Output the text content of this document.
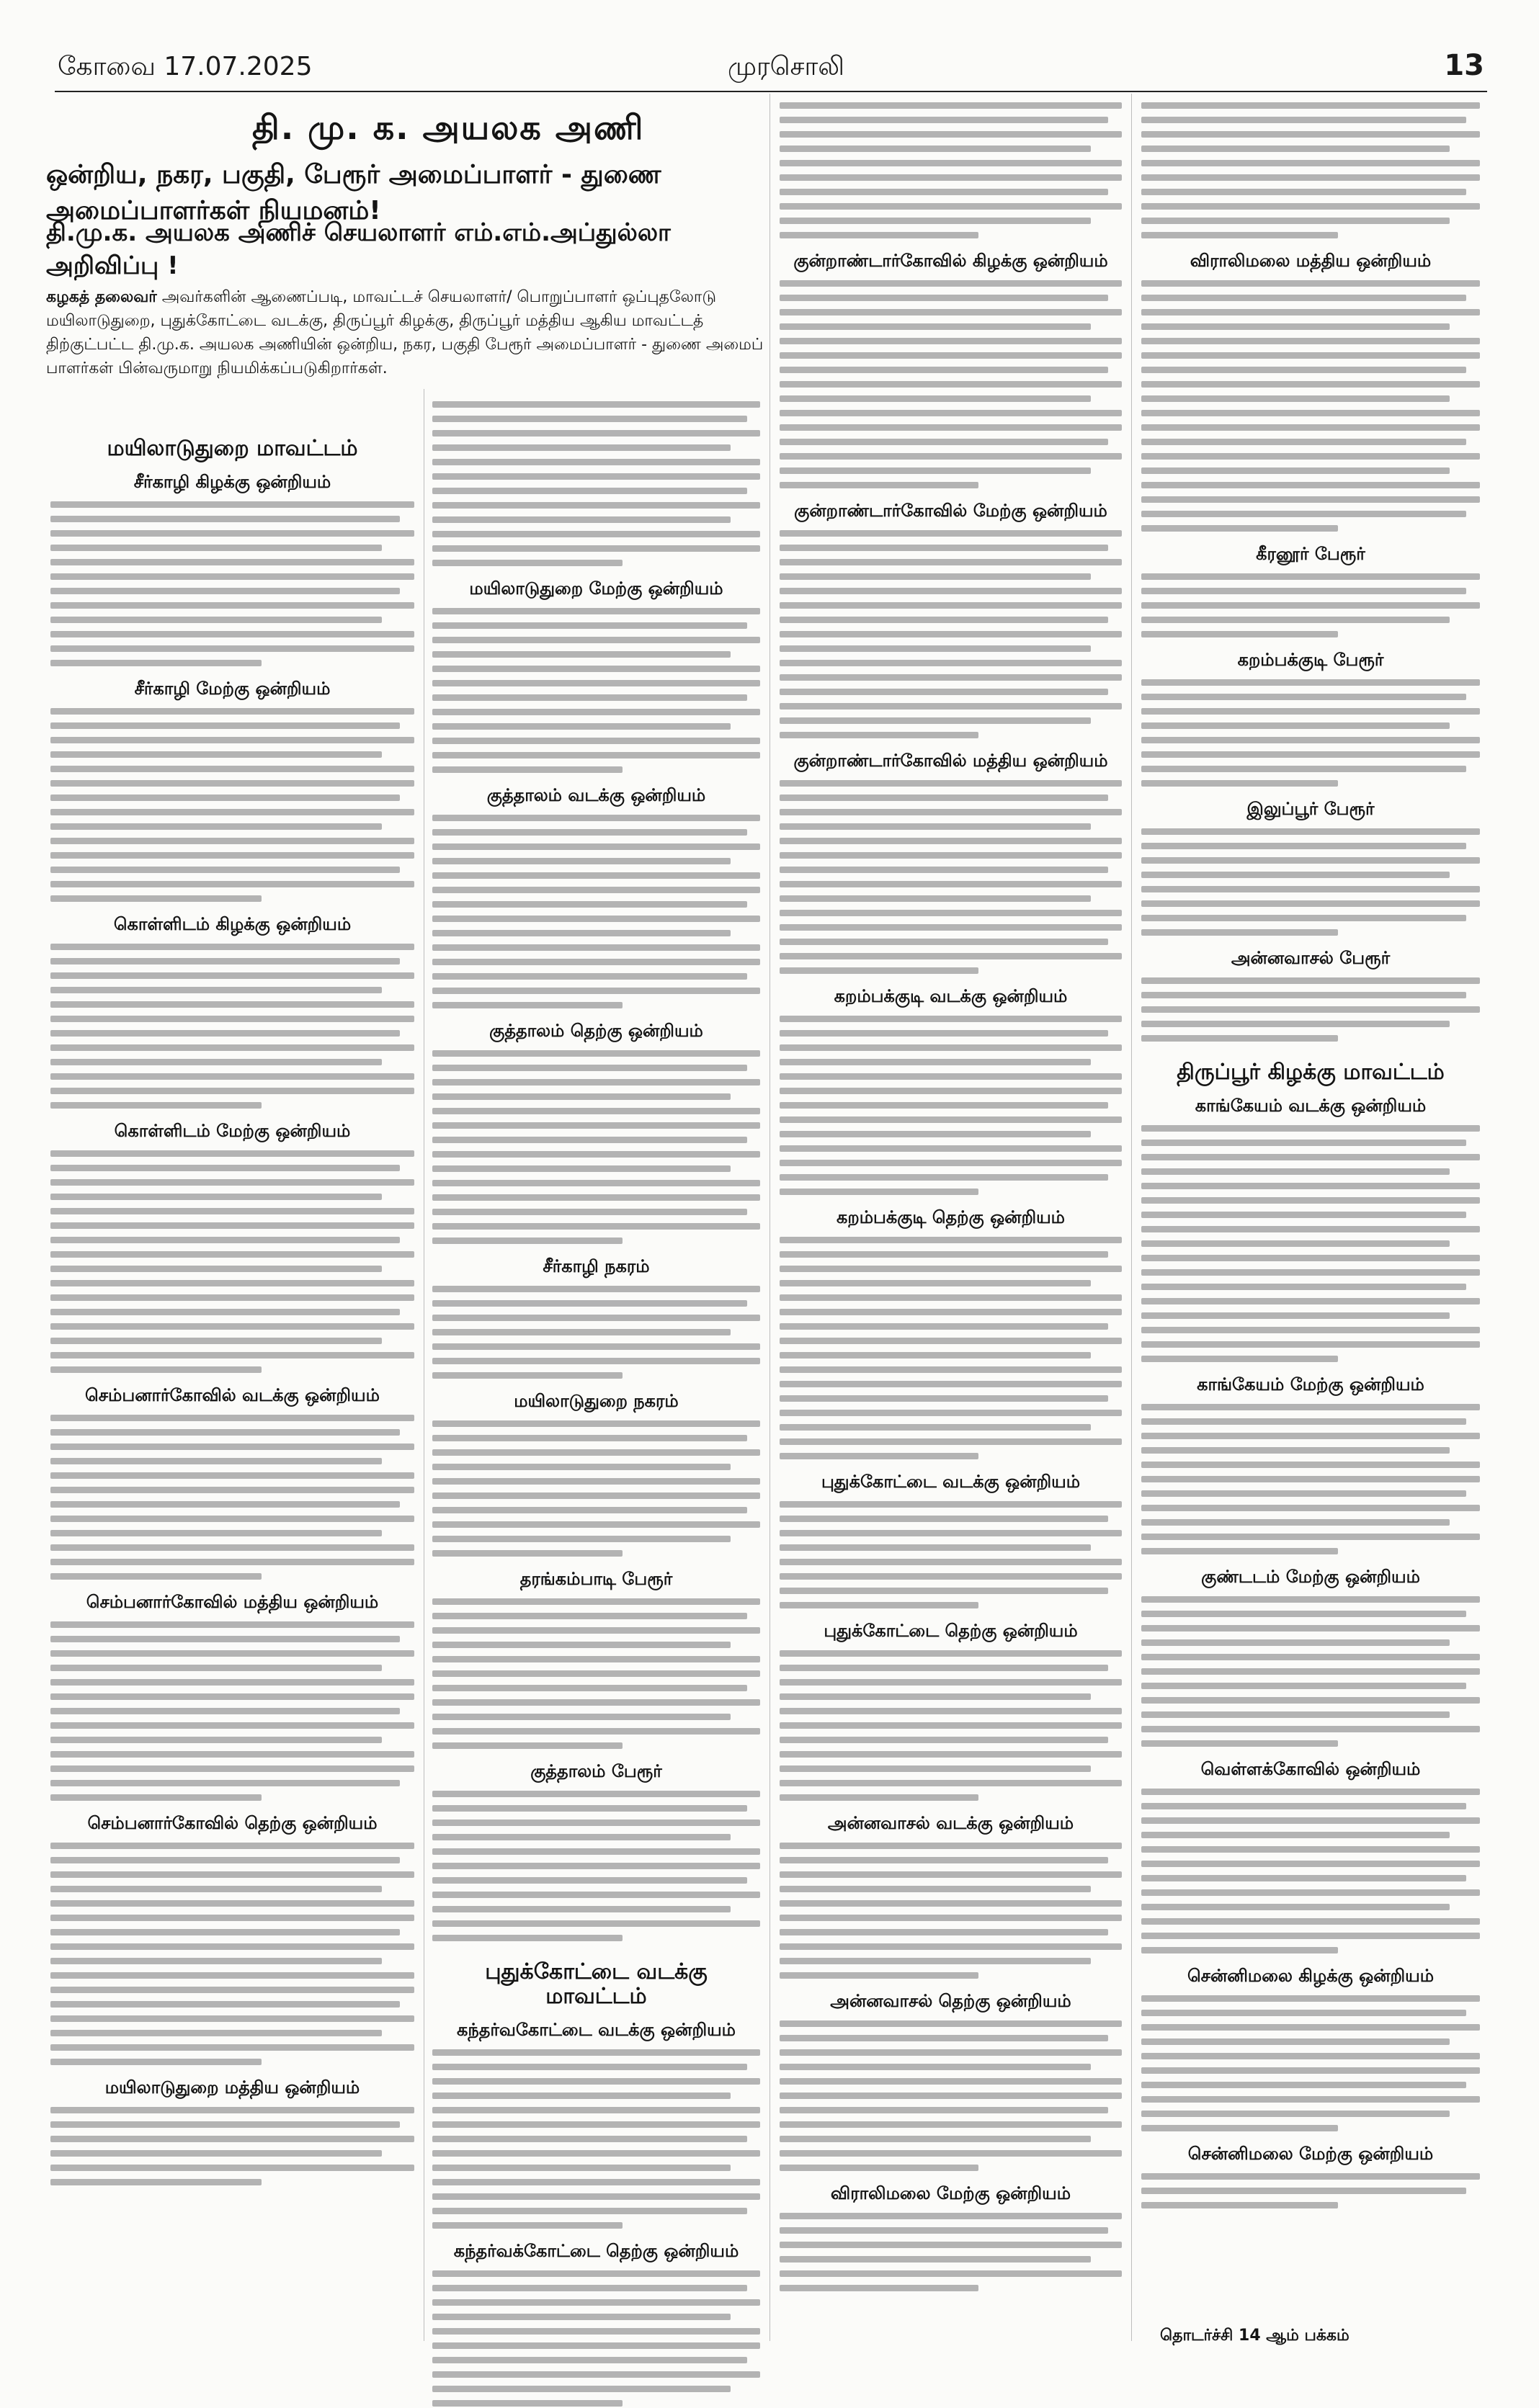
கோவை 17.07.2025	முரசொலி	13
தி. மு. க. அயலக அணி
ஒன்றிய, நகர, பகுதி, பேரூர் அமைப்பாளர் - துணை அமைப்பாளர்கள் நியமனம்!
தி.மு.க. அயலக அணிச் செயலாளர் எம்.எம்.அப்துல்லா அறிவிப்பு !
கழகத் தலைவர் அவர்களின் ஆணைப்படி, மாவட்டச் செயலாளர்/ பொறுப்பாளர் ஒப்புதலோடு மயிலாடுதுறை, புதுக்கோட்டை வடக்கு, திருப்பூர் கிழக்கு, திருப்பூர் மத்திய ஆகிய மாவட்டத் திற்குட்பட்ட தி.மு.க. அயலக அணியின் ஒன்றிய, நகர, பகுதி பேரூர் அமைப்பாளர் - துணை அமைப் பாளர்கள் பின்வருமாறு நியமிக்கப்படுகிறார்கள்.
மயிலாடுதுறை மாவட்டம்
சீர்காழி கிழக்கு ஒன்றியம்
சீர்காழி மேற்கு ஒன்றியம்
கொள்ளிடம் கிழக்கு ஒன்றியம்
கொள்ளிடம் மேற்கு ஒன்றியம்
செம்பனார்கோவில் வடக்கு ஒன்றியம்
செம்பனார்கோவில் மத்திய ஒன்றியம்
செம்பனார்கோவில் தெற்கு ஒன்றியம்
மயிலாடுதுறை மத்திய ஒன்றியம்
மயிலாடுதுறை மேற்கு ஒன்றியம்
குத்தாலம் வடக்கு ஒன்றியம்
குத்தாலம் தெற்கு ஒன்றியம்
சீர்காழி நகரம்
மயிலாடுதுறை நகரம்
தரங்கம்பாடி பேரூர்
குத்தாலம் பேரூர்
புதுக்கோட்டை வடக்கு மாவட்டம்
கந்தர்வகோட்டை வடக்கு ஒன்றியம்
கந்தர்வக்கோட்டை தெற்கு ஒன்றியம்
குன்றாண்டார்கோவில் கிழக்கு ஒன்றியம்
குன்றாண்டார்கோவில் மேற்கு ஒன்றியம்
குன்றாண்டார்கோவில் மத்திய ஒன்றியம்
கறம்பக்குடி வடக்கு ஒன்றியம்
கறம்பக்குடி தெற்கு ஒன்றியம்
புதுக்கோட்டை வடக்கு ஒன்றியம்
புதுக்கோட்டை தெற்கு ஒன்றியம்
அன்னவாசல் வடக்கு ஒன்றியம்
அன்னவாசல் தெற்கு ஒன்றியம்
விராலிமலை மேற்கு ஒன்றியம்
விராலிமலை மத்திய ஒன்றியம்
கீரனூர் பேரூர்
கறம்பக்குடி பேரூர்
இலுப்பூர் பேரூர்
அன்னவாசல் பேரூர்
திருப்பூர் கிழக்கு மாவட்டம்
காங்கேயம் வடக்கு ஒன்றியம்
காங்கேயம் மேற்கு ஒன்றியம்
குண்டடம் மேற்கு ஒன்றியம்
வெள்ளக்கோவில் ஒன்றியம்
சென்னிமலை கிழக்கு ஒன்றியம்
சென்னிமலை மேற்கு ஒன்றியம்
தொடர்ச்சி 14 ஆம் பக்கம்
